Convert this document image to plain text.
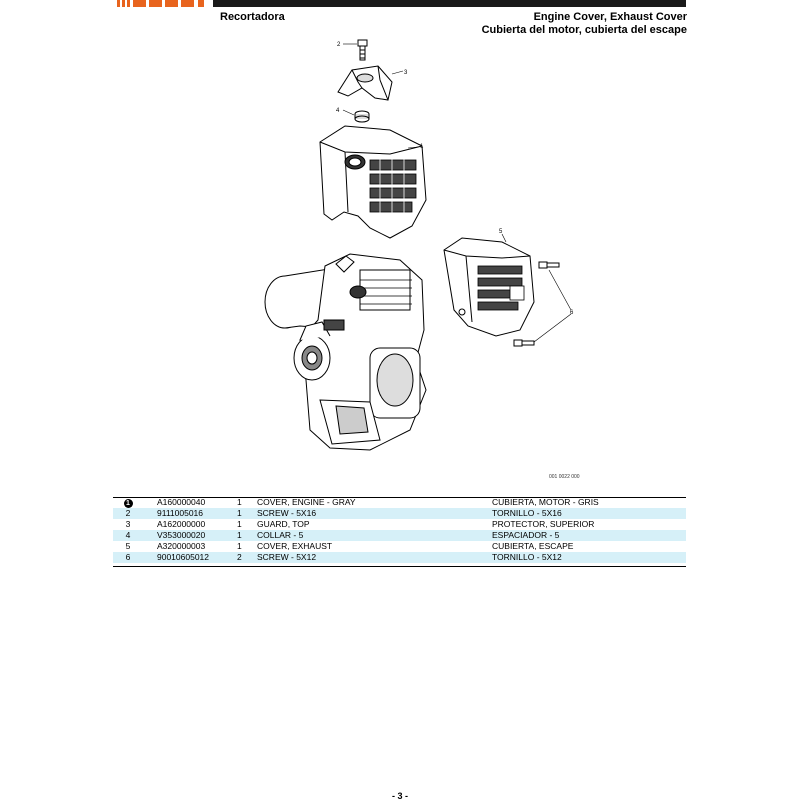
Recortadora	Engine Cover, Exhaust Cover
Cubierta del motor, cubierta del escape
2
3
4
1
5
6
001 0022 000
1	A160000040	1	COVER, ENGINE - GRAY	CUBIERTA, MOTOR - GRIS
2	9111005016	1	SCREW - 5X16	TORNILLO - 5X16
3	A162000000	1	GUARD, TOP	PROTECTOR, SUPERIOR
4	V353000020	1	COLLAR - 5	ESPACIADOR - 5
5	A320000003	1	COVER, EXHAUST	CUBIERTA, ESCAPE
6	90010605012	2	SCREW - 5X12	TORNILLO - 5X12
- 3 -
